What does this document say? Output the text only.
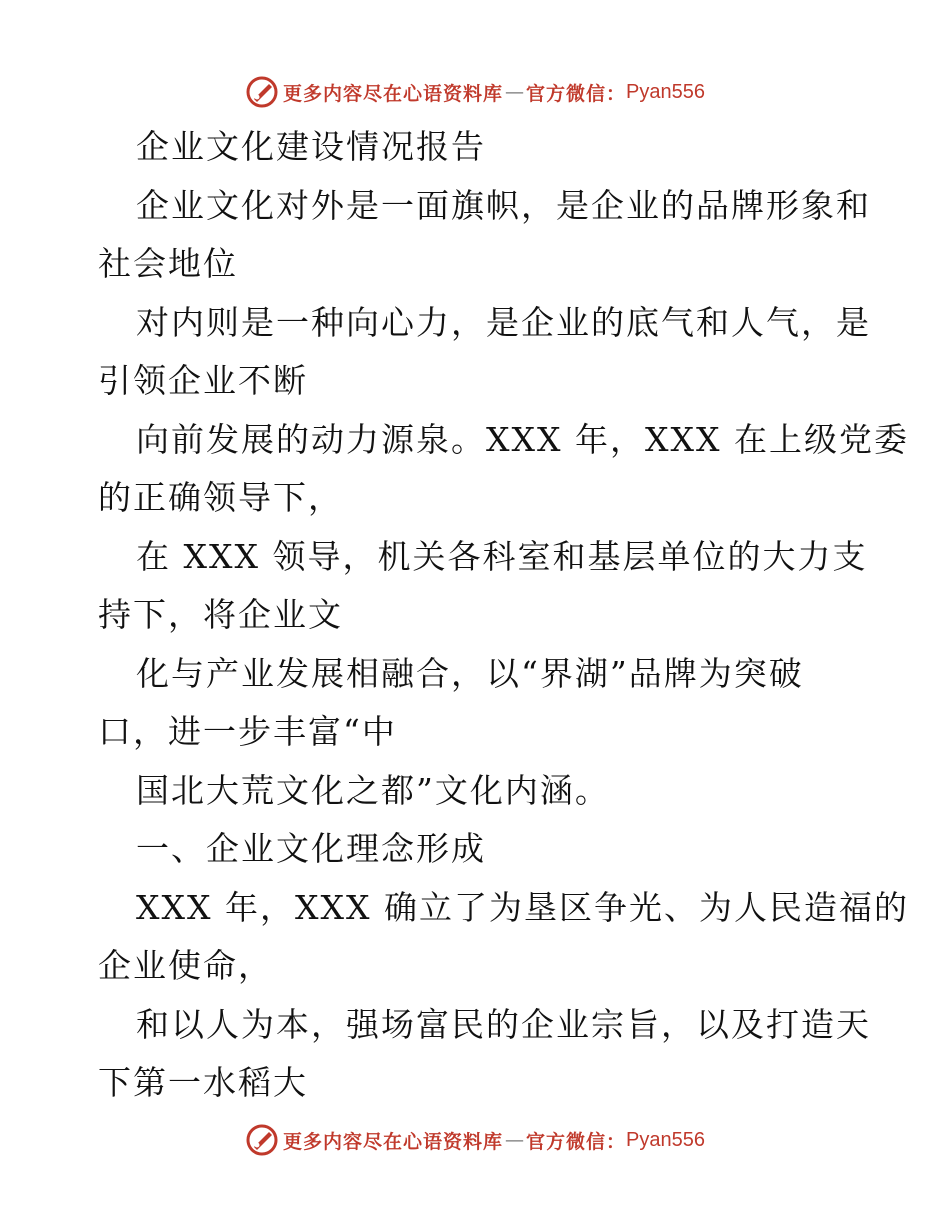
更多内容尽在心语资料库 — 官方微信： Pyan556
企业文化建设情况报告
企业文化对外是一面旗帜，是企业的品牌形象和
社会地位
对内则是一种向心力，是企业的底气和人气，是
引领企业不断
向前发展的动力源泉。XXX 年，XXX 在上级党委
的正确领导下，
在 XXX 领导，机关各科室和基层单位的大力支
持下，将企业文
化与产业发展相融合，以“界湖”品牌为突破
口，进一步丰富“中
国北大荒文化之都”文化内涵。
一、企业文化理念形成
XXX 年，XXX 确立了为垦区争光、为人民造福的
企业使命，
和以人为本，强场富民的企业宗旨，以及打造天
下第一水稻大
更多内容尽在心语资料库 — 官方微信： Pyan556
